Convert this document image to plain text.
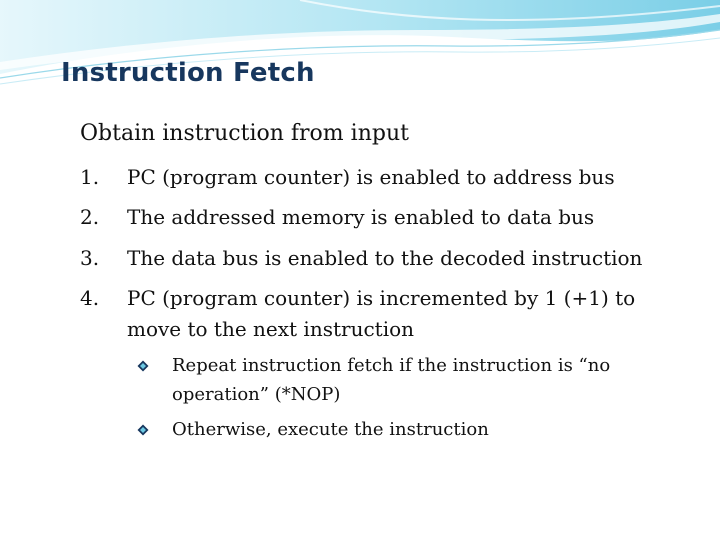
Instruction Fetch
Obtain instruction from input
1. PC (program counter) is enabled to address bus
2. The addressed memory is enabled to data bus
3. The data bus is enabled to the decoded instruction
4. PC (program counter) is incremented by 1 (+1) to
move to the next instruction
Repeat instruction fetch if the instruction is “no
operation” (*NOP)
Otherwise, execute the instruction
